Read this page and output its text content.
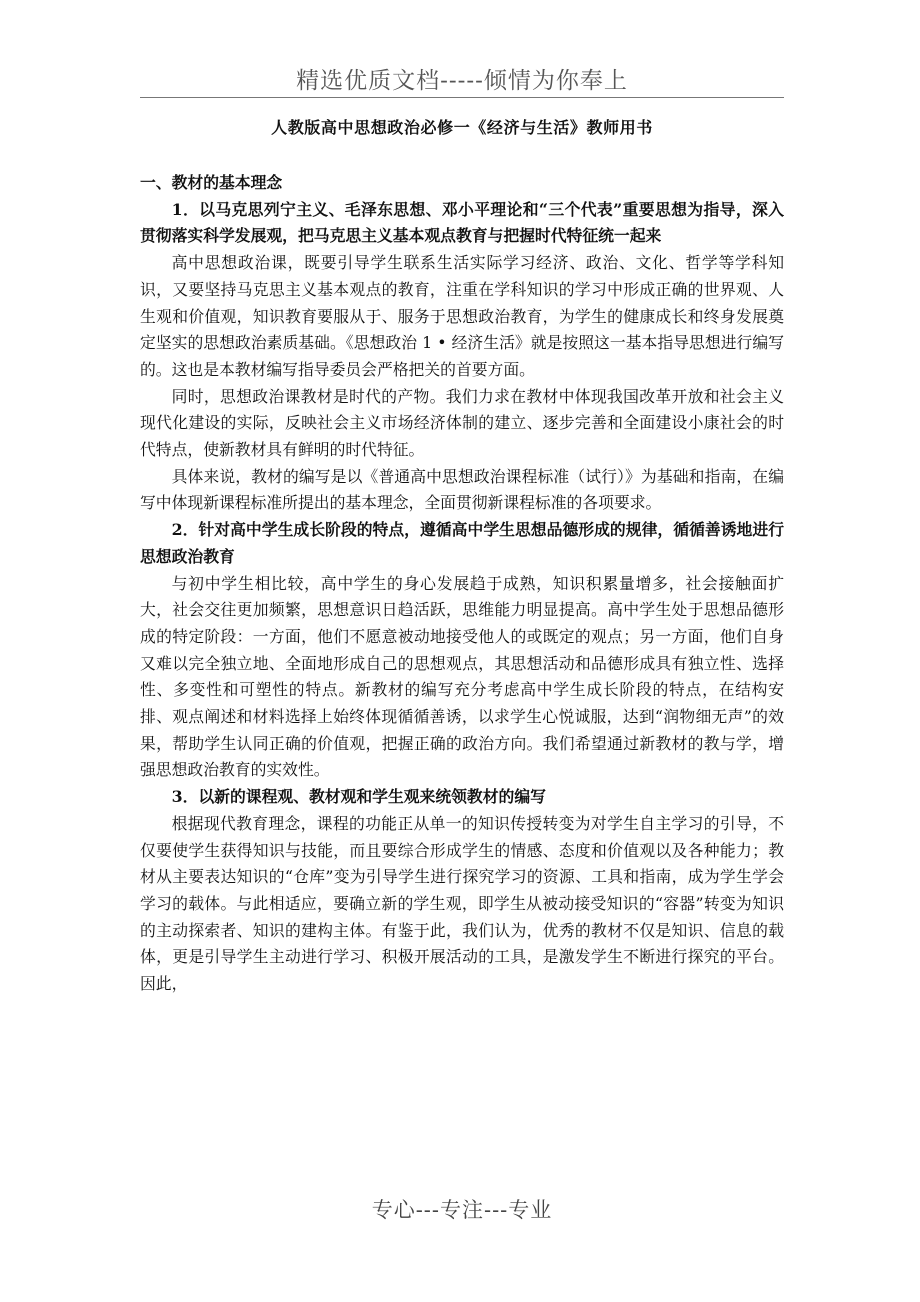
精选优质文档-----倾情为你奉上
人教版高中思想政治必修一《经济与生活》教师用书

一、教材的基本理念

1．以马克思列宁主义、毛泽东思想、邓小平理论和“三个代表”重要思想为指导，深入贯彻落实科学发展观，把马克思主义基本观点教育与把握时代特征统一起来

高中思想政治课，既要引导学生联系生活实际学习经济、政治、文化、哲学等学科知识，又要坚持马克思主义基本观点的教育，注重在学科知识的学习中形成正确的世界观、人生观和价值观，知识教育要服从于、服务于思想政治教育，为学生的健康成长和终身发展奠定坚实的思想政治素质基础。《思想政治 1 • 经济生活》就是按照这一基本指导思想进行编写的。这也是本教材编写指导委员会严格把关的首要方面。

同时，思想政治课教材是时代的产物。我们力求在教材中体现我国改革开放和社会主义现代化建设的实际，反映社会主义市场经济体制的建立、逐步完善和全面建设小康社会的时代特点，使新教材具有鲜明的时代特征。

具体来说，教材的编写是以《普通高中思想政治课程标准（试行）》为基础和指南，在编写中体现新课程标准所提出的基本理念，全面贯彻新课程标准的各项要求。

2．针对高中学生成长阶段的特点，遵循高中学生思想品德形成的规律，循循善诱地进行思想政治教育

与初中学生相比较，高中学生的身心发展趋于成熟，知识积累量增多，社会接触面扩大，社会交往更加频繁，思想意识日趋活跃，思维能力明显提高。高中学生处于思想品德形成的特定阶段：一方面，他们不愿意被动地接受他人的或既定的观点；另一方面，他们自身又难以完全独立地、全面地形成自己的思想观点，其思想活动和品德形成具有独立性、选择性、多变性和可塑性的特点。新教材的编写充分考虑高中学生成长阶段的特点，在结构安排、观点阐述和材料选择上始终体现循循善诱，以求学生心悦诚服，达到“润物细无声”的效果，帮助学生认同正确的价值观，把握正确的政治方向。我们希望通过新教材的教与学，增强思想政治教育的实效性。

3．以新的课程观、教材观和学生观来统领教材的编写

根据现代教育理念，课程的功能正从单一的知识传授转变为对学生自主学习的引导，不仅要使学生获得知识与技能，而且要综合形成学生的情感、态度和价值观以及各种能力；教材从主要表达知识的“仓库”变为引导学生进行探究学习的资源、工具和指南，成为学生学会学习的载体。与此相适应，要确立新的学生观，即学生从被动接受知识的“容器”转变为知识的主动探索者、知识的建构主体。有鉴于此，我们认为，优秀的教材不仅是知识、信息的载体，更是引导学生主动进行学习、积极开展活动的工具，是激发学生不断进行探究的平台。因此，

专心---专注---专业
